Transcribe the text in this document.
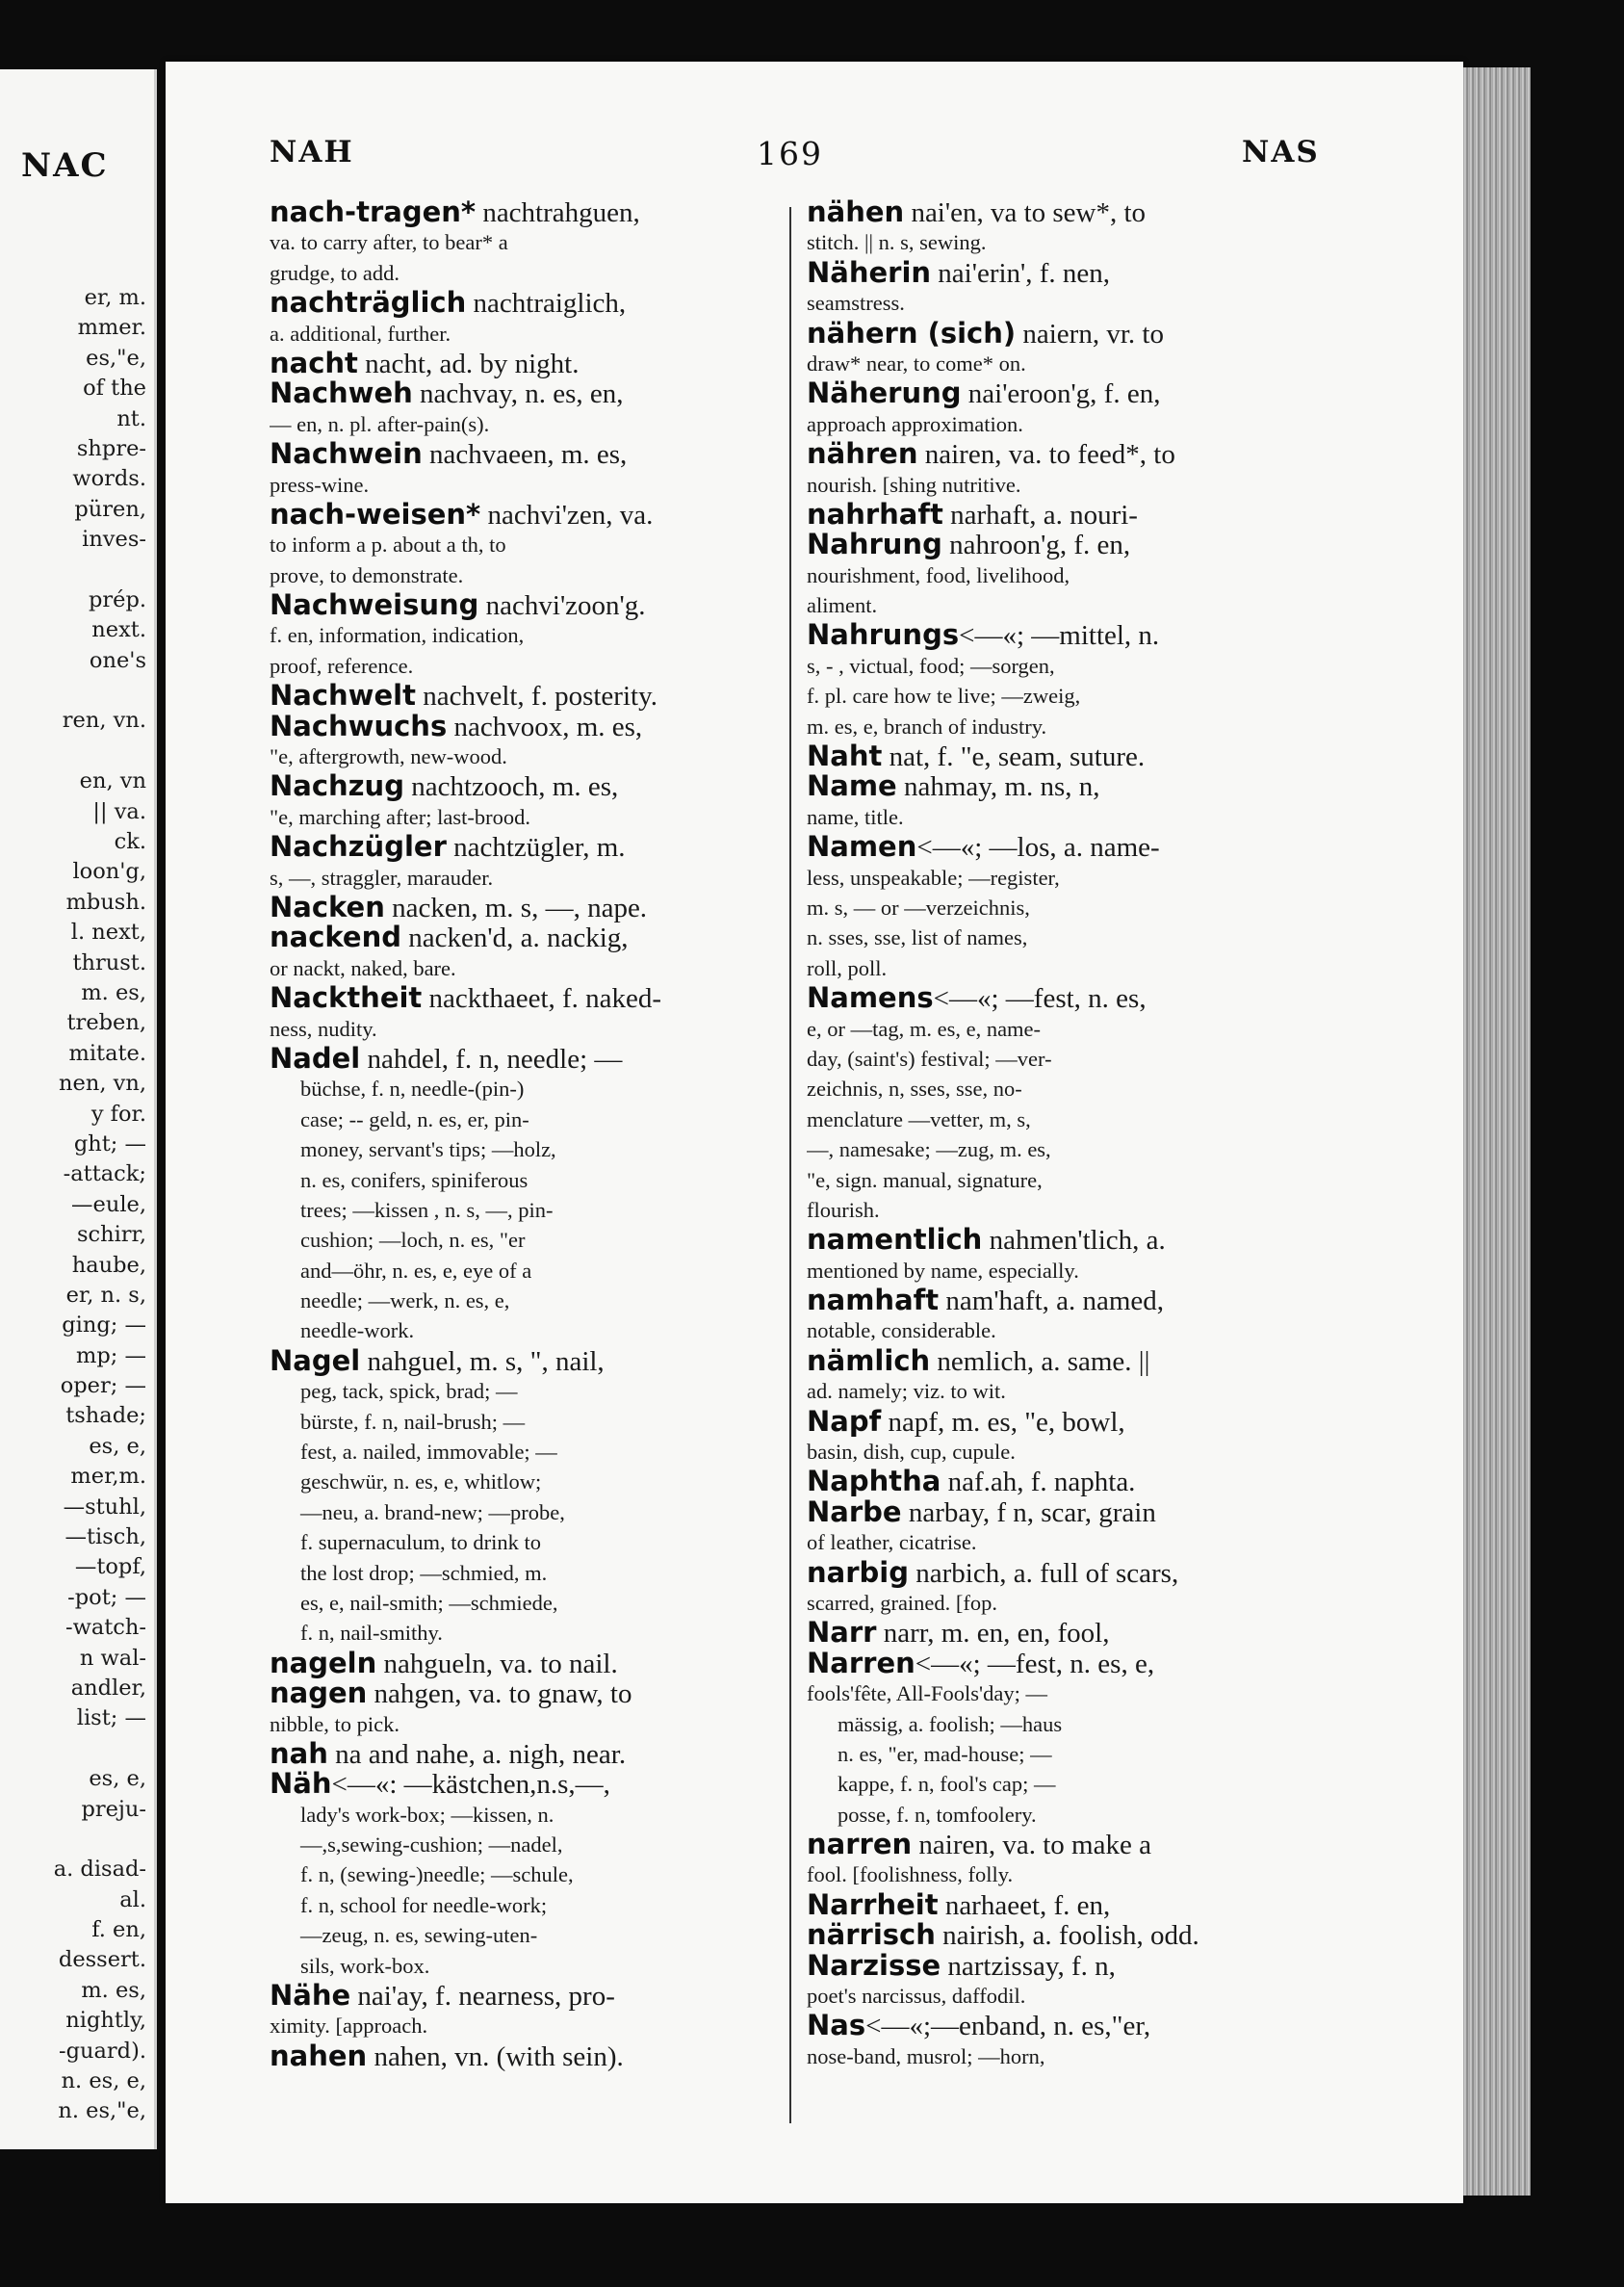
NAC
er, m.
mmer.
es,"e,
of the
nt.
shpre-
words.
püren,
inves-
prép.
next.
one's
ren, vn.
en, vn
|| va.
ck.
loon'g,
mbush.
l. next,
thrust.
m. es,
treben,
mitate.
nen, vn,
y for.
ght; —
-attack;
—eule,
schirr,
haube,
er, n. s,
ging; —
mp; —
oper; —
tshade;
es, e,
mer,m.
—stuhl,
—tisch,
—topf,
-pot; —
-watch-
n wal-
andler,
list; —
es, e,
preju-
a. disad-
al.
f. en,
dessert.
m. es,
nightly,
-guard).
n. es, e,
n. es,"e,
NAH	169	NAS
nach-tragen* nachtrahguen,
va. to carry after, to bear* a
grudge, to add.
nachträglich nachtraiglich,
a. additional, further.
nacht nacht, ad. by night.
Nachweh nachvay, n. es, en,
— en, n. pl. after-pain(s).
Nachwein nachvaeen, m. es,
press-wine.
nach-weisen* nachvi'zen, va.
to inform a p. about a th, to
prove, to demonstrate.
Nachweisung nachvi'zoon'g.
f. en, information, indication,
proof, reference.
Nachwelt nachvelt, f. posterity.
Nachwuchs nachvoox, m. es,
"e, aftergrowth, new-wood.
Nachzug nachtzooch, m. es,
"e, marching after; last-brood.
Nachzügler nachtzügler, m.
s, —, straggler, marauder.
Nacken nacken, m. s, —, nape.
nackend nacken'd, a. nackig,
or nackt, naked, bare.
Nacktheit nackthaeet, f. naked-
ness, nudity.
Nadel nahdel, f. n, needle; —
büchse, f. n, needle-(pin-)
case; -- geld, n. es, er, pin-
money, servant's tips; —holz,
n. es, conifers, spiniferous
trees; —kissen , n. s, —, pin-
cushion; —loch, n. es, "er
and—öhr, n. es, e, eye of a
needle; —werk, n. es, e,
needle-work.
Nagel nahguel, m. s, ", nail,
peg, tack, spick, brad; —
bürste, f. n, nail-brush; —
fest, a. nailed, immovable; —
geschwür, n. es, e, whitlow;
—neu, a. brand-new; —probe,
f. supernaculum, to drink to
the lost drop; —schmied, m.
es, e, nail-smith; —schmiede,
f. n, nail-smithy.
nageln nahgueln, va. to nail.
nagen nahgen, va. to gnaw, to
nibble, to pick.
nah na and nahe, a. nigh, near.
Näh<—«: —kästchen,n.s,—,
lady's work-box; —kissen, n.
—,s,sewing-cushion; —nadel,
f. n, (sewing-)needle; —schule,
f. n, school for needle-work;
—zeug, n. es, sewing-uten-
sils, work-box.
Nähe nai'ay, f. nearness, pro-
ximity. [approach.
nahen nahen, vn. (with sein).
nähen nai'en, va to sew*, to
stitch. || n. s, sewing.
Näherin nai'erin', f. nen,
seamstress.
nähern (sich) naiern, vr. to
draw* near, to come* on.
Näherung nai'eroon'g, f. en,
approach approximation.
nähren nairen, va. to feed*, to
nourish. [shing nutritive.
nahrhaft narhaft, a. nouri-
Nahrung nahroon'g, f. en,
nourishment, food, livelihood,
aliment.
Nahrungs<—«; —mittel, n.
s, - , victual, food; —sorgen,
f. pl. care how te live; —zweig,
m. es, e, branch of industry.
Naht nat, f. "e, seam, suture.
Name nahmay, m. ns, n,
name, title.
Namen<—«; —los, a. name-
less, unspeakable; —register,
m. s, — or —verzeichnis,
n. sses, sse, list of names,
roll, poll.
Namens<—«; —fest, n. es,
e, or —tag, m. es, e, name-
day, (saint's) festival; —ver-
zeichnis, n, sses, sse, no-
menclature —vetter, m, s,
—, namesake; —zug, m. es,
"e, sign. manual, signature,
flourish.
namentlich nahmen'tlich, a.
mentioned by name, especially.
namhaft nam'haft, a. named,
notable, considerable.
nämlich nemlich, a. same. ||
ad. namely; viz. to wit.
Napf napf, m. es, "e, bowl,
basin, dish, cup, cupule.
Naphtha naf.ah, f. naphta.
Narbe narbay, f n, scar, grain
of leather, cicatrise.
narbig narbich, a. full of scars,
scarred, grained. [fop.
Narr narr, m. en, en, fool,
Narren<—«; —fest, n. es, e,
fools'fête, All-Fools'day; —
mässig, a. foolish; —haus
n. es, "er, mad-house; —
kappe, f. n, fool's cap; —
posse, f. n, tomfoolery.
narren nairen, va. to make a
fool. [foolishness, folly.
Narrheit narhaeet, f. en,
närrisch nairish, a. foolish, odd.
Narzisse nartzissay, f. n,
poet's narcissus, daffodil.
Nas<—«;—enband, n. es,"er,
nose-band, musrol; —horn,
